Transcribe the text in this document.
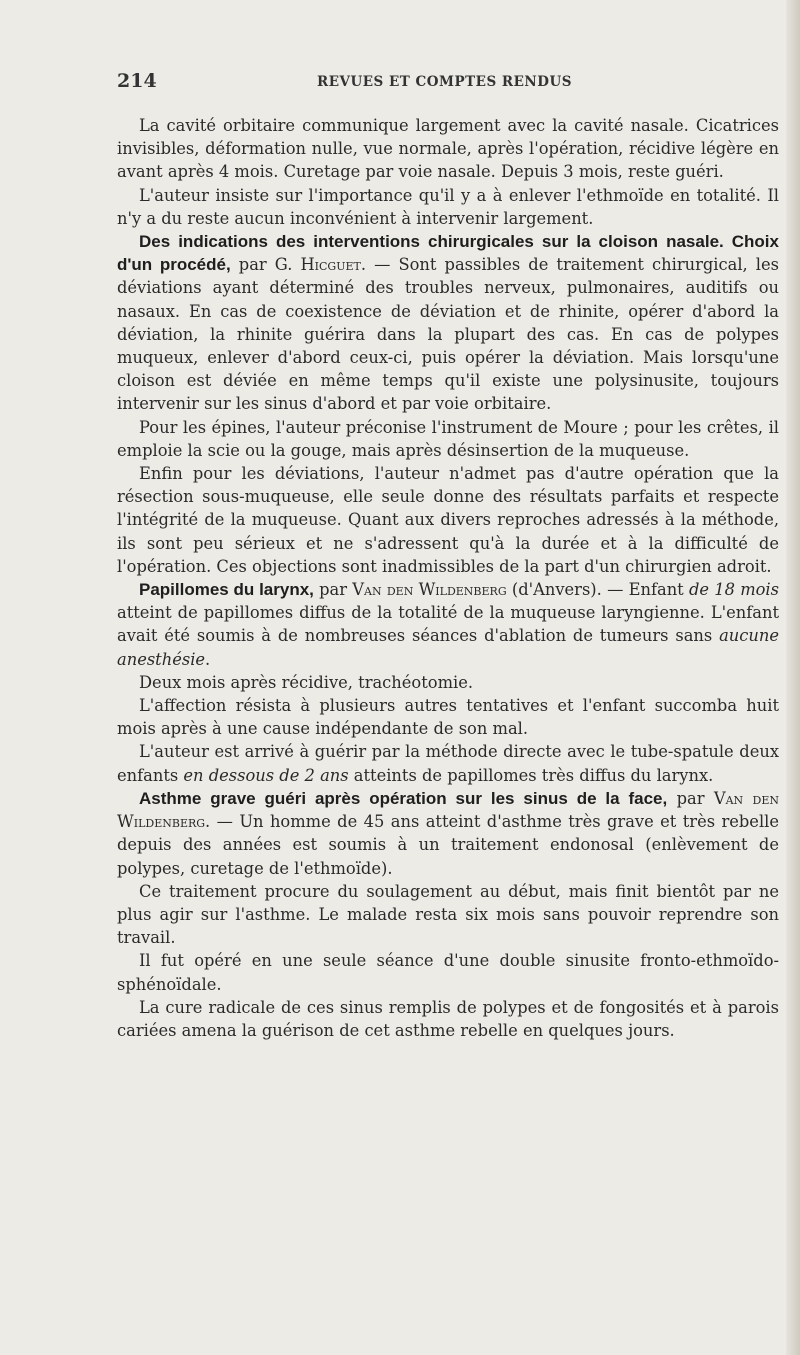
214	REVUES ET COMPTES RENDUS

La cavité orbitaire communique largement avec la cavité nasale. Cicatrices invisibles, déformation nulle, vue normale, après l'opération, récidive légère en avant après 4 mois. Curetage par voie nasale. Depuis 3 mois, reste guéri.

L'auteur insiste sur l'importance qu'il y a à enlever l'ethmoïde en totalité. Il n'y a du reste aucun inconvénient à intervenir largement.

Des indications des interventions chirurgicales sur la cloison nasale. Choix d'un procédé, par G. Hicguet. — Sont passibles de traitement chirurgical, les déviations ayant déterminé des troubles nerveux, pulmonaires, auditifs ou nasaux. En cas de coexistence de déviation et de rhinite, opérer d'abord la déviation, la rhinite guérira dans la plupart des cas. En cas de polypes muqueux, enlever d'abord ceux-ci, puis opérer la déviation. Mais lorsqu'une cloison est déviée en même temps qu'il existe une polysinusite, toujours intervenir sur les sinus d'abord et par voie orbitaire.

Pour les épines, l'auteur préconise l'instrument de Moure ; pour les crêtes, il emploie la scie ou la gouge, mais après désinsertion de la muqueuse.

Enfin pour les déviations, l'auteur n'admet pas d'autre opération que la résection sous-muqueuse, elle seule donne des résultats parfaits et respecte l'intégrité de la muqueuse. Quant aux divers reproches adressés à la méthode, ils sont peu sérieux et ne s'adressent qu'à la durée et à la difficulté de l'opération. Ces objections sont inadmissibles de la part d'un chirurgien adroit.

Papillomes du larynx, par Van den Wildenberg (d'Anvers). — Enfant de 18 mois atteint de papillomes diffus de la totalité de la muqueuse laryngienne. L'enfant avait été soumis à de nombreuses séances d'ablation de tumeurs sans aucune anesthésie.

Deux mois après récidive, trachéotomie.

L'affection résista à plusieurs autres tentatives et l'enfant succomba huit mois après à une cause indépendante de son mal.

L'auteur est arrivé à guérir par la méthode directe avec le tube-spatule deux enfants en dessous de 2 ans atteints de papillomes très diffus du larynx.

Asthme grave guéri après opération sur les sinus de la face, par Van den Wildenberg. — Un homme de 45 ans atteint d'asthme très grave et très rebelle depuis des années est soumis à un traitement endonosal (enlèvement de polypes, curetage de l'ethmoïde).

Ce traitement procure du soulagement au début, mais finit bientôt par ne plus agir sur l'asthme. Le malade resta six mois sans pouvoir reprendre son travail.

Il fut opéré en une seule séance d'une double sinusite fronto-ethmoïdo-sphénoïdale.

La cure radicale de ces sinus remplis de polypes et de fongosités et à parois cariées amena la guérison de cet asthme rebelle en quelques jours.
